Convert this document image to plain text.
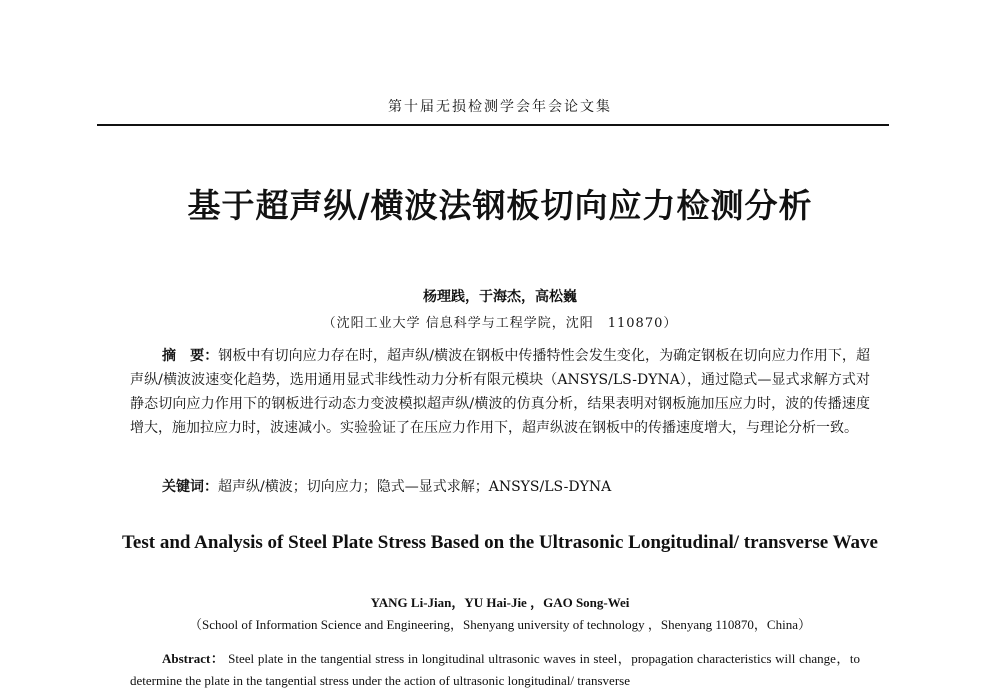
第十届无损检测学会年会论文集
基于超声纵/横波法钢板切向应力检测分析
杨理践，于海杰，高松巍
（沈阳工业大学 信息科学与工程学院，沈阳　110870）
摘　要：钢板中有切向应力存在时，超声纵/横波在钢板中传播特性会发生变化，为确定钢板在切向应力作用下，超声纵/横波波速变化趋势，选用通用显式非线性动力分析有限元模块（ANSYS/LS-DYNA），通过隐式—显式求解方式对静态切向应力作用下的钢板进行动态力变波模拟超声纵/横波的仿真分析，结果表明对钢板施加压应力时，波的传播速度增大，施加拉应力时，波速减小。实验验证了在压应力作用下，超声纵波在钢板中的传播速度增大，与理论分析一致。
关键词：超声纵/横波；切向应力；隐式—显式求解；ANSYS/LS-DYNA
Test and Analysis of Steel Plate Stress Based on the Ultrasonic Longitudinal/ transverse Wave
YANG Li-Jian，YU Hai-Jie ，GAO Song-Wei
（School of Information Science and Engineering，Shenyang university of technology ，Shenyang 110870，China）
Abstract： Steel plate in the tangential stress in longitudinal ultrasonic waves in steel，propagation characteristics will change，to determine the plate in the tangential stress under the action of ultrasonic longitudinal/ transverse
